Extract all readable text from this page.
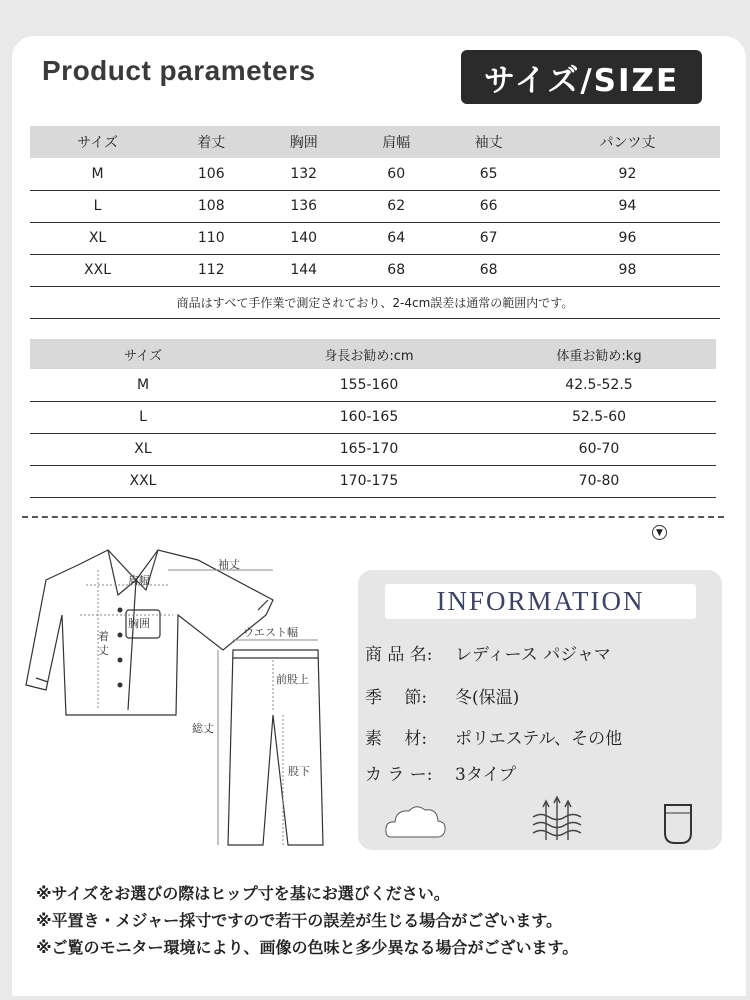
Product parameters	サイズ/SIZE
サイズ	着丈	胸囲	肩幅	袖丈	パンツ丈
M	106	132	60	65	92
L	108	136	62	66	94
XL	110	140	64	67	96
XXL	112	144	68	68	98
商品はすべて手作業で測定されており、2-4cm誤差は通常の範囲内です。					
サイズ	身長お勧め:cm	体重お勧め:kg
M	155-160	42.5-52.5
L	160-165	52.5-60
XL	165-170	60-70
XXL	170-175	70-80
▼
肩幅
袖丈
胸囲
着
丈
ウエスト幅
前股上
総丈
股下
INFORMATION
商 品 名: レディース パジャマ
季　 節: 冬(保温)
素　 材: ポリエステル、その他
カ ラ ー: 3タイプ
※サイズをお選びの際はヒップ寸を基にお選びください。
※平置き・メジャー採寸ですので若干の誤差が生じる場合がございます。
※ご覧のモニター環境により、画像の色味と多少異なる場合がございます。
